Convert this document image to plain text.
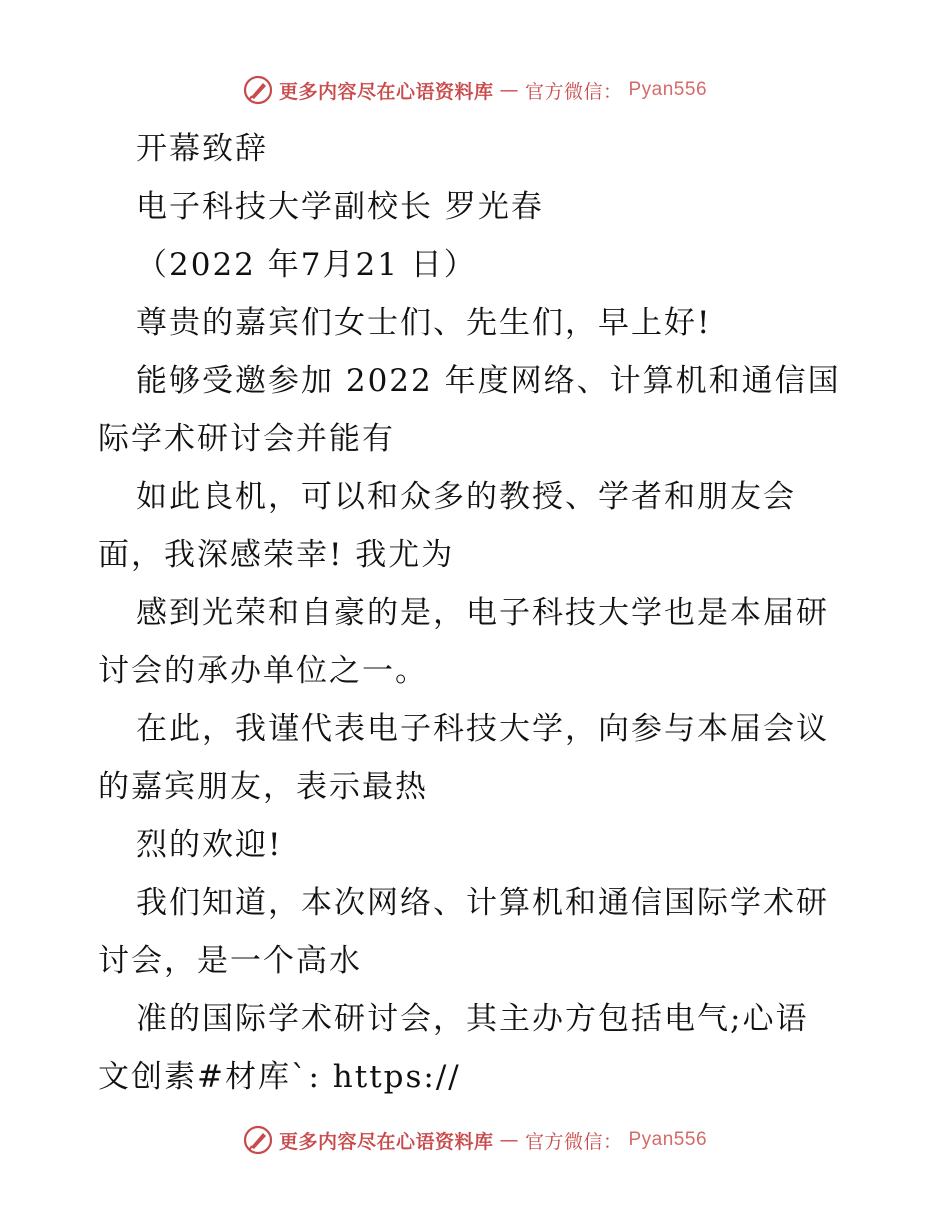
更多内容尽在心语资料库 — 官方微信： Pyan556
开幕致辞
电子科技大学副校长 罗光春
（2022 年7月21 日）
尊贵的嘉宾们女士们、先生们，早上好!
能够受邀参加 2022 年度网络、计算机和通信国
际学术研讨会并能有
如此良机，可以和众多的教授、学者和朋友会
面，我深感荣幸! 我尤为
感到光荣和自豪的是，电子科技大学也是本届研
讨会的承办单位之一。
在此，我谨代表电子科技大学，向参与本届会议
的嘉宾朋友，表示最热
烈的欢迎!
我们知道，本次网络、计算机和通信国际学术研
讨会，是一个高水
准的国际学术研讨会，其主办方包括电气;心语
文创素#材库`: https://
更多内容尽在心语资料库 — 官方微信： Pyan556
